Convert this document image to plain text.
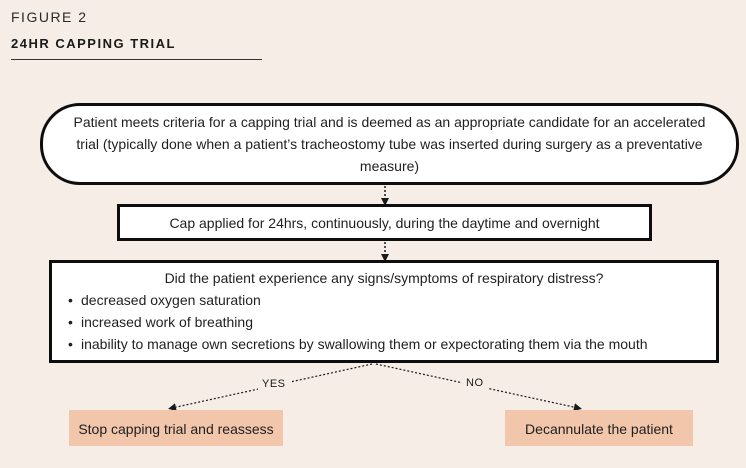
FIGURE 2
24HR CAPPING TRIAL
YES	NO
Patient meets criteria for a capping trial and is deemed as an appropriate candidate for an accelerated trial (typically done when a patient’s tracheostomy tube was inserted during surgery as a preventative measure)
Cap applied for 24hrs, continuously, during the daytime and overnight
Did the patient experience any signs/symptoms of respiratory distress?
• decreased oxygen saturation
• increased work of breathing
• inability to manage own secretions by swallowing them or expectorating them via the mouth
Stop capping trial and reassess	Decannulate the patient
